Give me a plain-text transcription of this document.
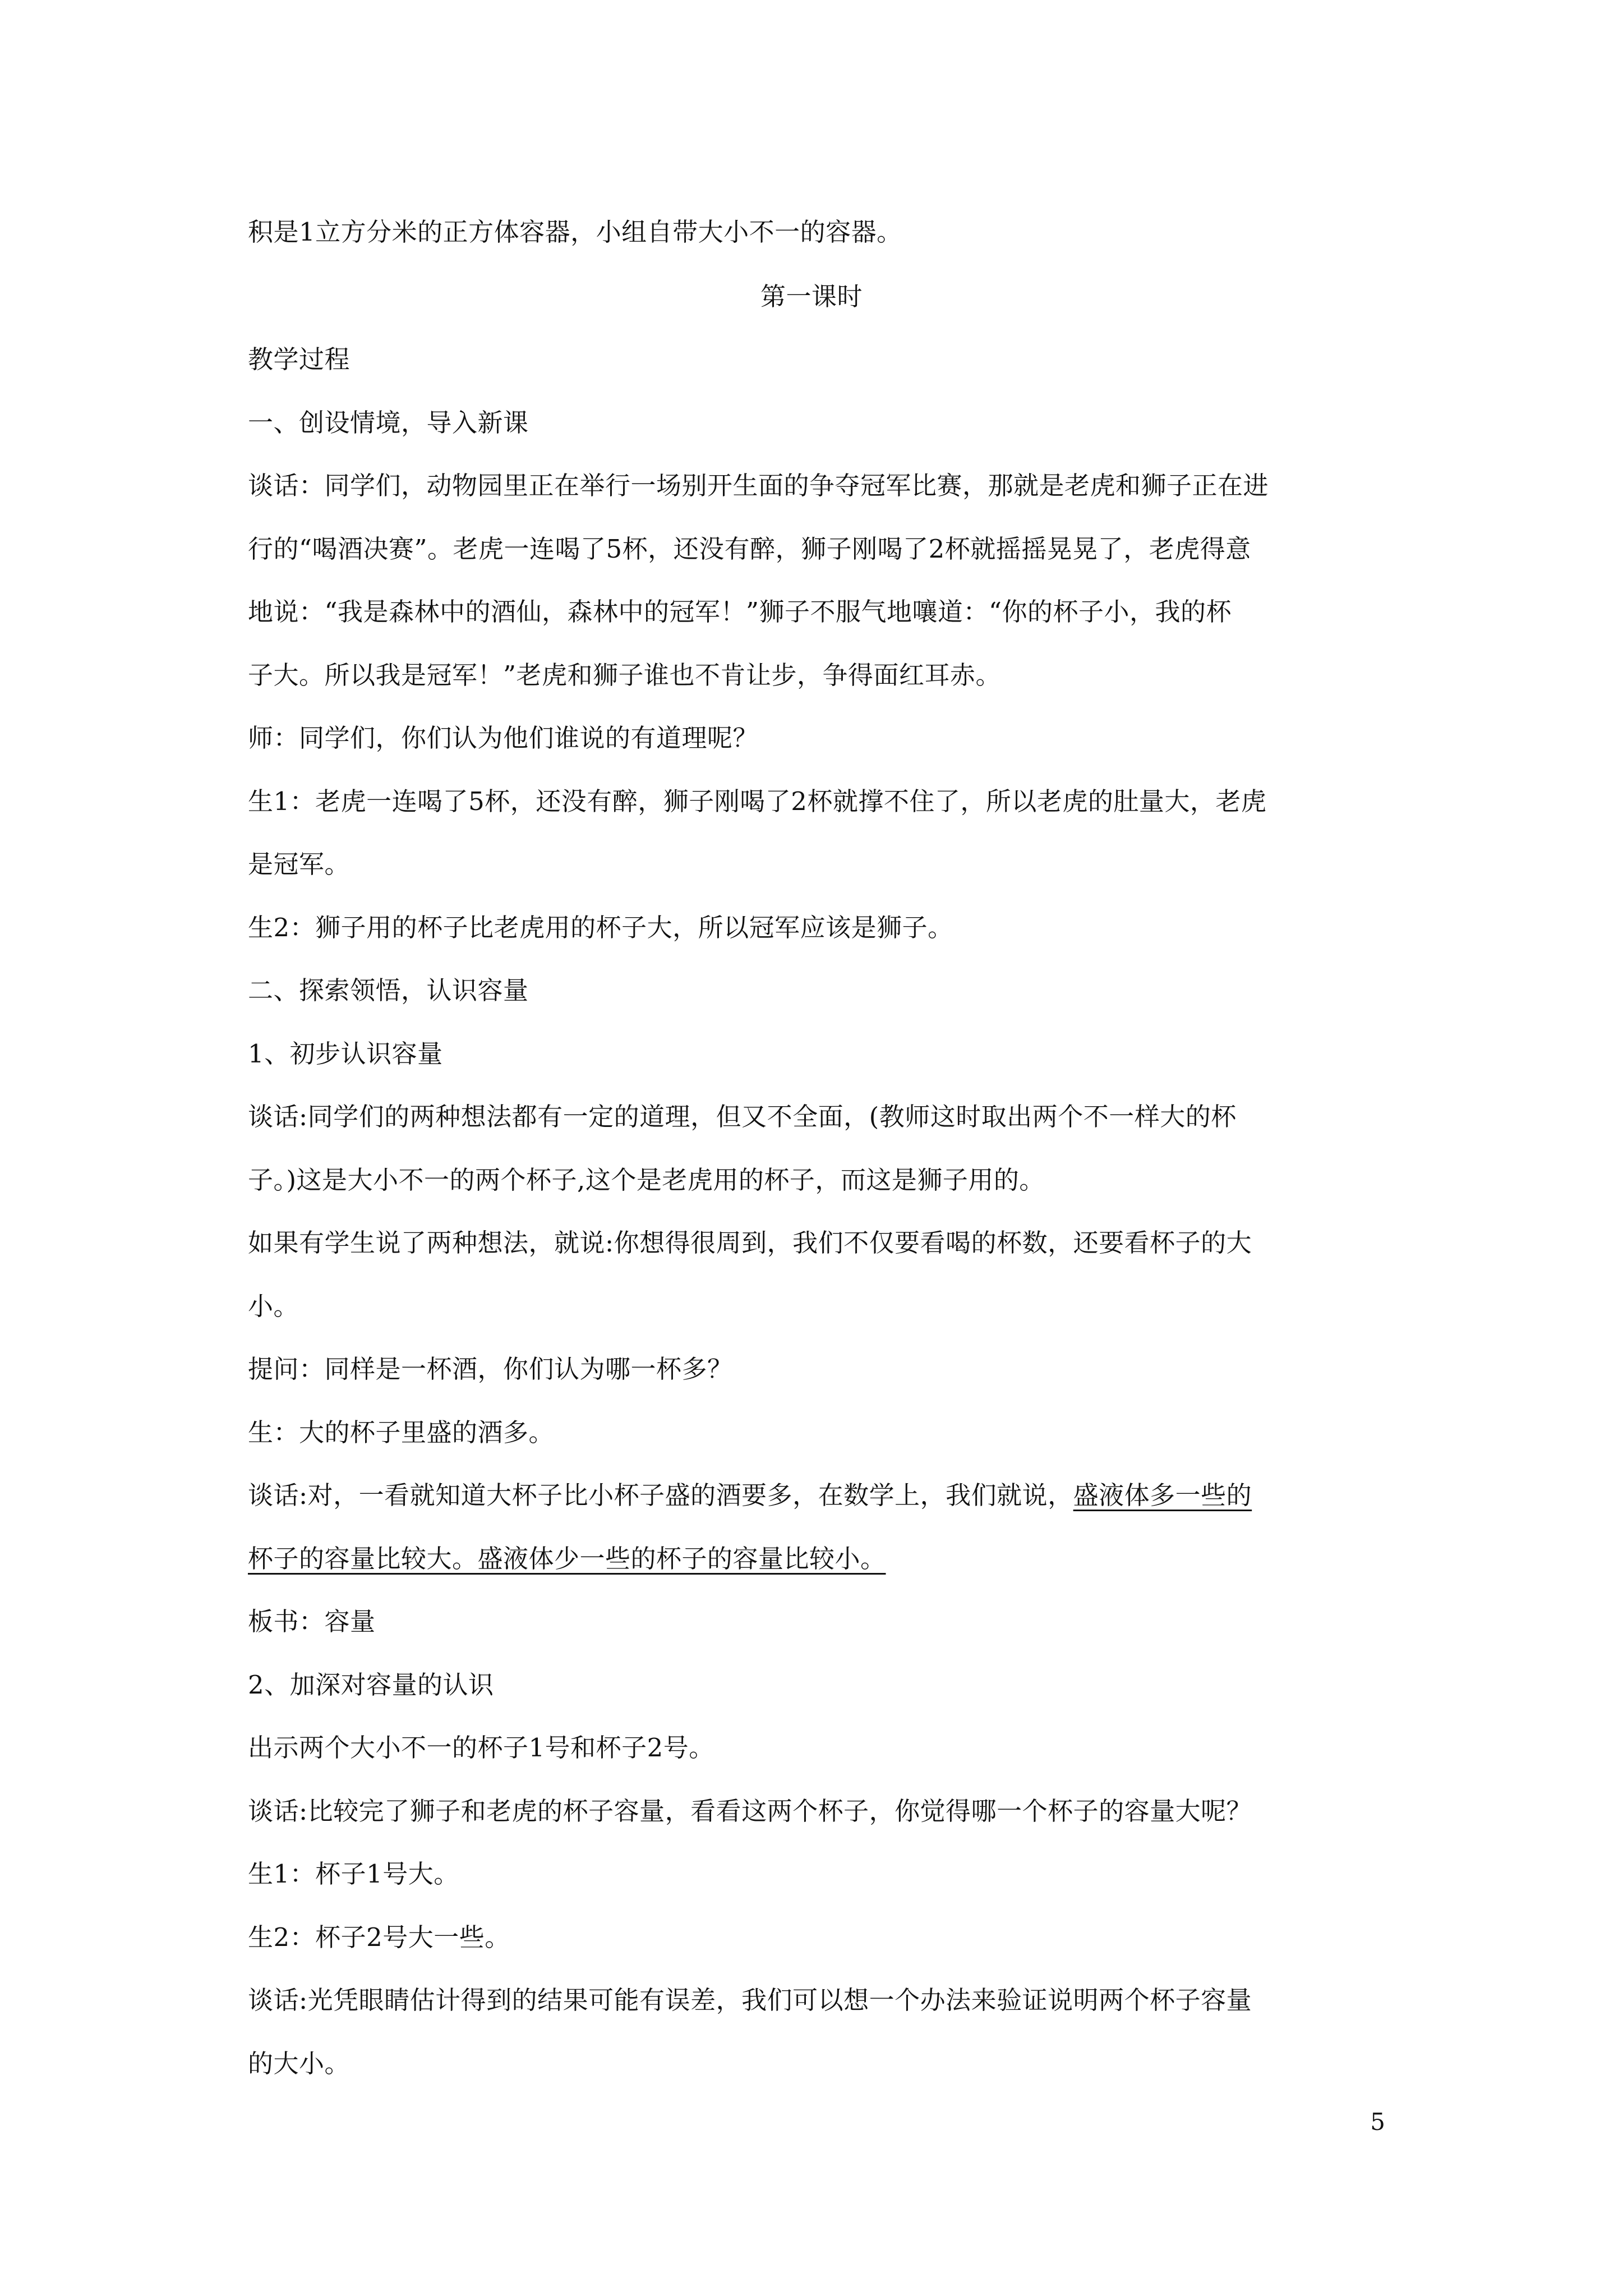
积是1立方分米的正方体容器，小组自带大小不一的容器。
第一课时
教学过程
一、创设情境，导入新课
谈话：同学们，动物园里正在举行一场别开生面的争夺冠军比赛，那就是老虎和狮子正在进
行的“喝酒决赛”。老虎一连喝了5杯，还没有醉，狮子刚喝了2杯就摇摇晃晃了，老虎得意
地说：“我是森林中的酒仙，森林中的冠军！”狮子不服气地嚷道：“你的杯子小，我的杯
子大。所以我是冠军！”老虎和狮子谁也不肯让步，争得面红耳赤。
师：同学们，你们认为他们谁说的有道理呢？
生1：老虎一连喝了5杯，还没有醉，狮子刚喝了2杯就撑不住了，所以老虎的肚量大，老虎
是冠军。
生2：狮子用的杯子比老虎用的杯子大，所以冠军应该是狮子。
二、探索领悟，认识容量
1、初步认识容量
谈话:同学们的两种想法都有一定的道理，但又不全面，(教师这时取出两个不一样大的杯
子。)这是大小不一的两个杯子,这个是老虎用的杯子，而这是狮子用的。
如果有学生说了两种想法，就说:你想得很周到，我们不仅要看喝的杯数，还要看杯子的大
小。
提问：同样是一杯酒，你们认为哪一杯多？
生：大的杯子里盛的酒多。
谈话:对，一看就知道大杯子比小杯子盛的酒要多，在数学上，我们就说，盛液体多一些的
杯子的容量比较大。盛液体少一些的杯子的容量比较小。
板书：容量
2、加深对容量的认识
出示两个大小不一的杯子1号和杯子2号。
谈话:比较完了狮子和老虎的杯子容量，看看这两个杯子，你觉得哪一个杯子的容量大呢？
生1：杯子1号大。
生2：杯子2号大一些。
谈话:光凭眼睛估计得到的结果可能有误差，我们可以想一个办法来验证说明两个杯子容量
的大小。
5
